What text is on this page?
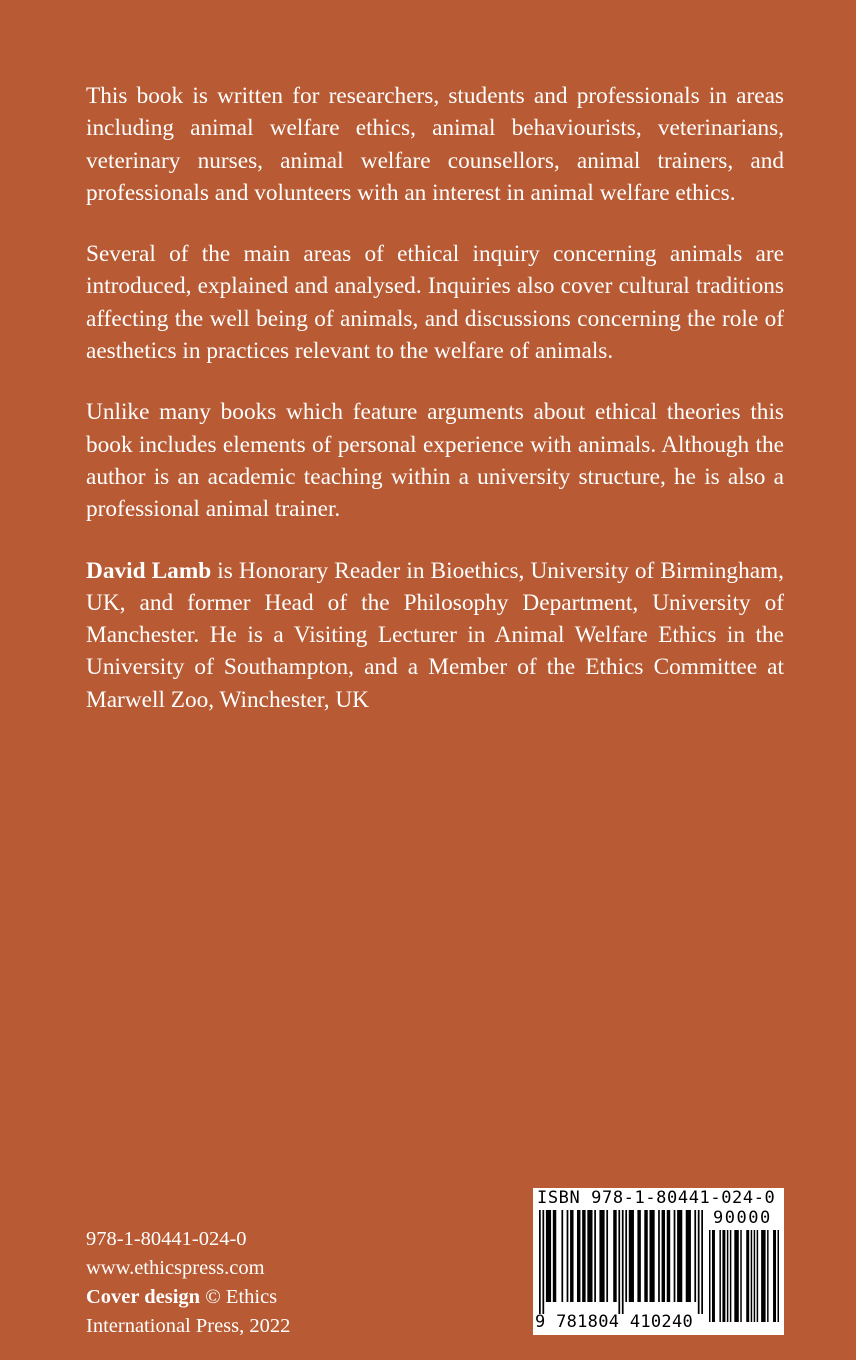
This book is written for researchers, students and professionals in areas including animal welfare ethics, animal behaviourists, veterinarians, veterinary nurses, animal welfare counsellors, animal trainers, and professionals and volunteers with an interest in animal welfare ethics.

Several of the main areas of ethical inquiry concerning animals are introduced, explained and analysed. Inquiries also cover cultural traditions affecting the well being of animals, and discussions concerning the role of aesthetics in practices relevant to the welfare of animals.

Unlike many books which feature arguments about ethical theories this book includes elements of personal experience with animals. Although the author is an academic teaching within a university structure, he is also a professional animal trainer.

David Lamb is Honorary Reader in Bioethics, University of Birmingham, UK, and former Head of the Philosophy Department, University of Manchester. He is a Visiting Lecturer in Animal Welfare Ethics in the University of Southampton, and a Member of the Ethics Committee at Marwell Zoo, Winchester, UK

978-1-80441-024-0
www.ethicspress.com
Cover design © Ethics
International Press, 2022
ISBN 978-1-80441-024-0
90000
9 781804 410240
